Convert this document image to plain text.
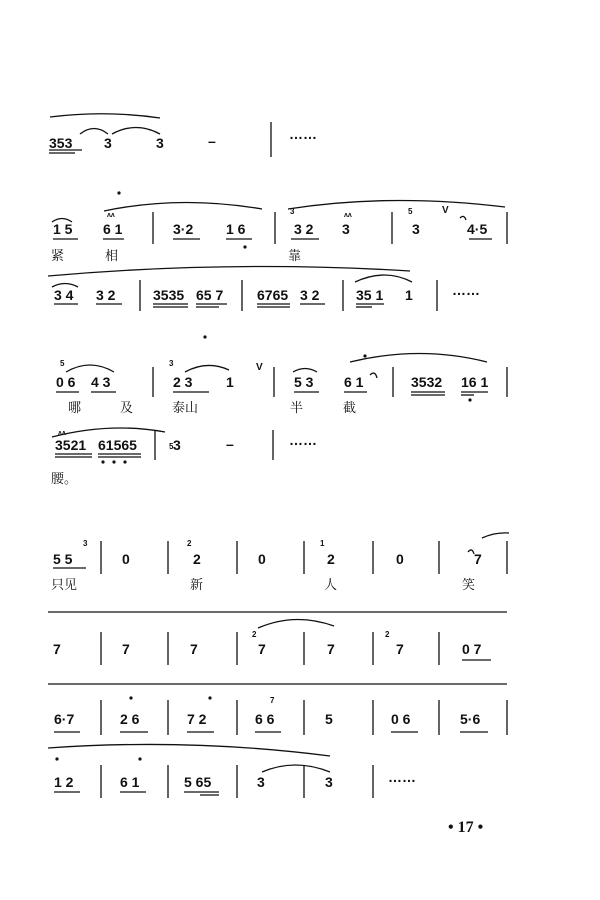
353 3	3	–	……
1 5 6 1	3·2 1 6	3 2 3	3	4·5
3 4 3 2	3535 65 7 6765 3 2	35 1 1	……
0 6 4 3	2 3 1	5 3 6 1	3532 16 1
3521 61565	3	–	……
5 5	0	2	0	2	0	7
7	7	7	7	7	7	0 7
6·7	2 6	7 2	6 6	5	0 6	5·6
1 2	6 1	5 65	3	3	……
3	5
5
5
3
3	2	1
7
2	2
ʌʌ	ʌʌ
ʌʌ
V
V
紧	相	靠
哪	及	泰山	半	截
腰。
只见	新	人	笑
• 17 •
